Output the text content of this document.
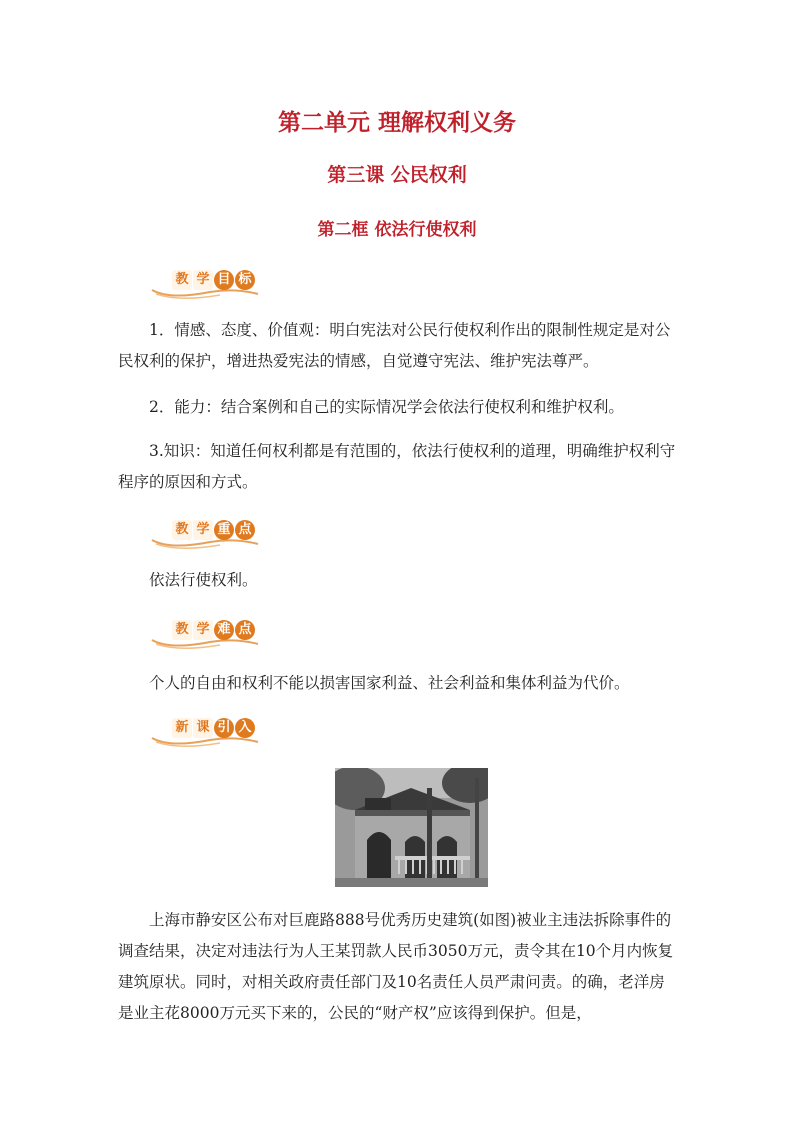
第二单元 理解权利义务
第三课 公民权利
第二框 依法行使权利
教 学 目 标

1．情感、态度、价值观：明白宪法对公民行使权利作出的限制性规定是对公民权利的保护，增进热爱宪法的情感，自觉遵守宪法、维护宪法尊严。

2．能力：结合案例和自己的实际情况学会依法行使权利和维护权利。

3.知识：知道任何权利都是有范围的，依法行使权利的道理，明确维护权利守程序的原因和方式。

教 学 重 点

依法行使权利。

教 学 难 点

个人的自由和权利不能以损害国家利益、社会利益和集体利益为代价。

新 课 引 入

上海市静安区公布对巨鹿路888号优秀历史建筑(如图)被业主违法拆除事件的调查结果，决定对违法行为人王某罚款人民币3050万元，责令其在10个月内恢复建筑原状。同时，对相关政府责任部门及10名责任人员严肃问责。的确，老洋房是业主花8000万元买下来的，公民的“财产权”应该得到保护。但是，
